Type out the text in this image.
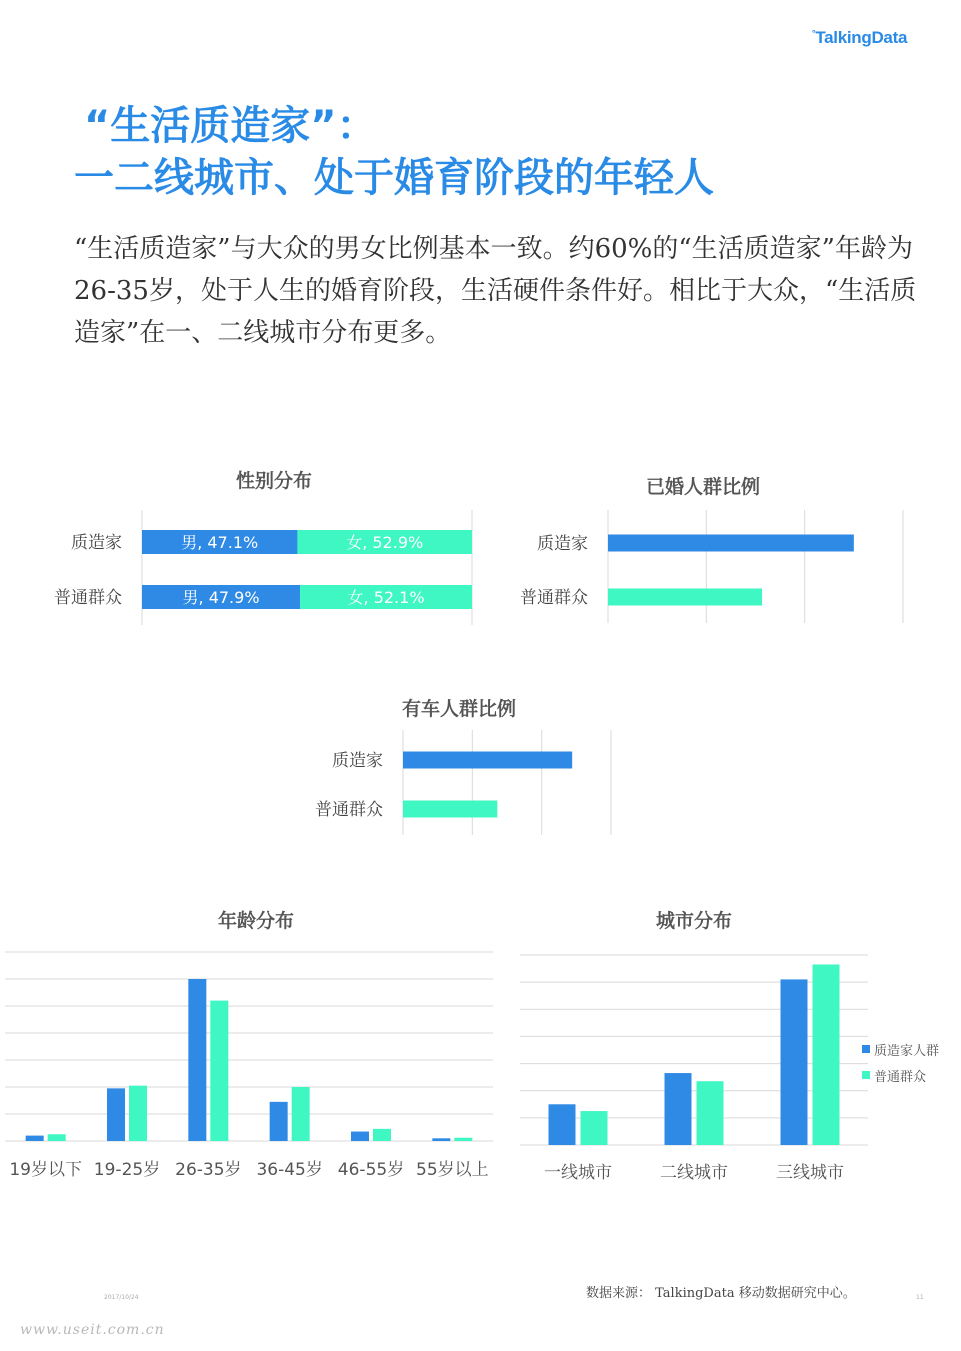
°TalkingData
“生活质造家”：
一二线城市、处于婚育阶段的年轻人

“生活质造家”与大众的男女比例基本一致。约60%的“生活质造家”年龄为26-35岁，处于人生的婚育阶段，生活硬件条件好。相比于大众，“生活质造家”在一、二线城市分布更多。

性别分布	已婚人群比例
有车人群比例
年龄分布	城市分布
质造家	男, 47.1%	女, 52.9%
普通群众	男, 47.9%	女, 52.1%
质造家
普通群众
质造家
普通群众
19岁以下 19-25岁 26-35岁 36-45岁 46-55岁 55岁以上	一线城市	二线城市	三线城市
质造家人群
普通群众
2017/10/24	数据来源： TalkingData 移动数据研究中心。	11
www.useit.com.cn
